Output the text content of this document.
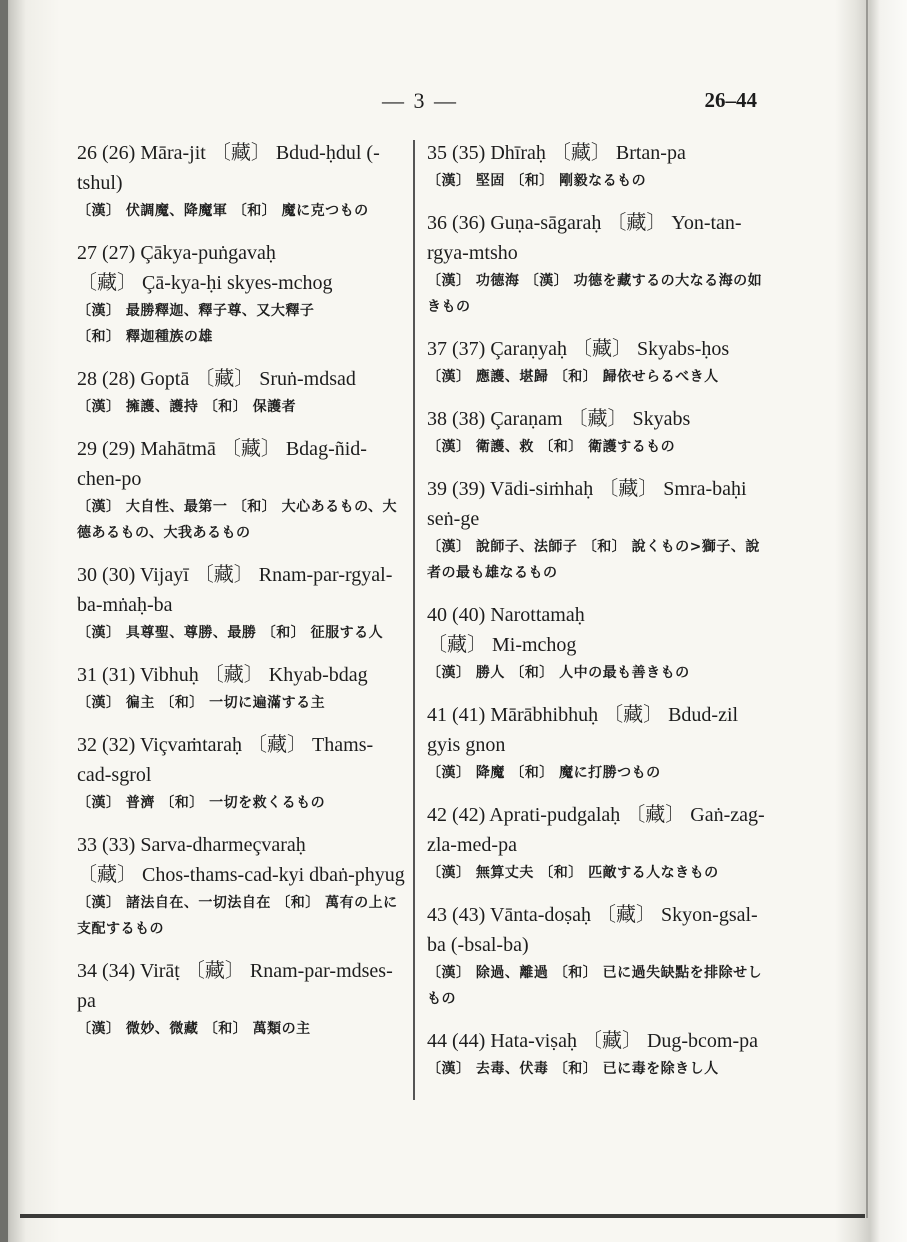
— 3 —	26–44
26 (26) Māra-jit 〔藏〕 Bdud-ḥdul (-tshul)
〔漢〕 伏調魔、降魔軍 〔和〕 魔に克つもの
27 (27) Çākya-puṅgavaḥ
〔藏〕 Çā-kya-ḥi skyes-mchog
〔漢〕 最勝釋迦、釋子尊、又大釋子
〔和〕 釋迦種族の雄
28 (28) Goptā 〔藏〕 Sruṅ-mdsad
〔漢〕 擁護、護持 〔和〕 保護者
29 (29) Mahātmā 〔藏〕 Bdag-ñid-chen-po
〔漢〕 大自性、最第一 〔和〕 大心あるもの、大德あるもの、大我あるもの
30 (30) Vijayī 〔藏〕 Rnam-par-rgyal-ba-mṅaḥ-ba
〔漢〕 具尊聖、尊勝、最勝 〔和〕 征服する人
31 (31) Vibhuḥ 〔藏〕 Khyab-bdag
〔漢〕 徧主 〔和〕 一切に遍滿する主
32 (32) Viçvaṁtaraḥ 〔藏〕 Thams-cad-sgrol
〔漢〕 普濟 〔和〕 一切を救くるもの
33 (33) Sarva-dharmeçvaraḥ
〔藏〕 Chos-thams-cad-kyi dbaṅ-phyug
〔漢〕 諸法自在、一切法自在 〔和〕 萬有の上に支配するもの
34 (34) Virāṭ 〔藏〕 Rnam-par-mdses-pa
〔漢〕 微妙、微藏 〔和〕 萬類の主
35 (35) Dhīraḥ 〔藏〕 Brtan-pa
〔漢〕 堅固 〔和〕 剛毅なるもの
36 (36) Guṇa-sāgaraḥ 〔藏〕 Yon-tan-rgya-mtsho
〔漢〕 功德海 〔漢〕 功德を藏するの大なる海の如きもの
37 (37) Çaraṇyaḥ 〔藏〕 Skyabs-ḥos
〔漢〕 應護、堪歸 〔和〕 歸依せらるべき人
38 (38) Çaraṇam 〔藏〕 Skyabs
〔漢〕 衛護、救 〔和〕 衛護するもの
39 (39) Vādi-siṁhaḥ 〔藏〕 Smra-baḥi seṅ-ge
〔漢〕 說師子、法師子 〔和〕 說くもの>獅子、說者の最も雄なるもの
40 (40) Narottamaḥ
〔藏〕 Mi-mchog
〔漢〕 勝人 〔和〕 人中の最も善きもの
41 (41) Mārābhibhuḥ 〔藏〕 Bdud-zil gyis gnon
〔漢〕 降魔 〔和〕 魔に打勝つもの
42 (42) Aprati-pudgalaḥ 〔藏〕 Gaṅ-zag-zla-med-pa
〔漢〕 無算丈夫 〔和〕 匹敵する人なきもの
43 (43) Vānta-doṣaḥ 〔藏〕 Skyon-gsal-ba (-bsal-ba)
〔漢〕 除過、離過 〔和〕 已に過失缺點を排除せしもの
44 (44) Hata-viṣaḥ 〔藏〕 Dug-bcom-pa
〔漢〕 去毒、伏毒 〔和〕 已に毒を除きし人
